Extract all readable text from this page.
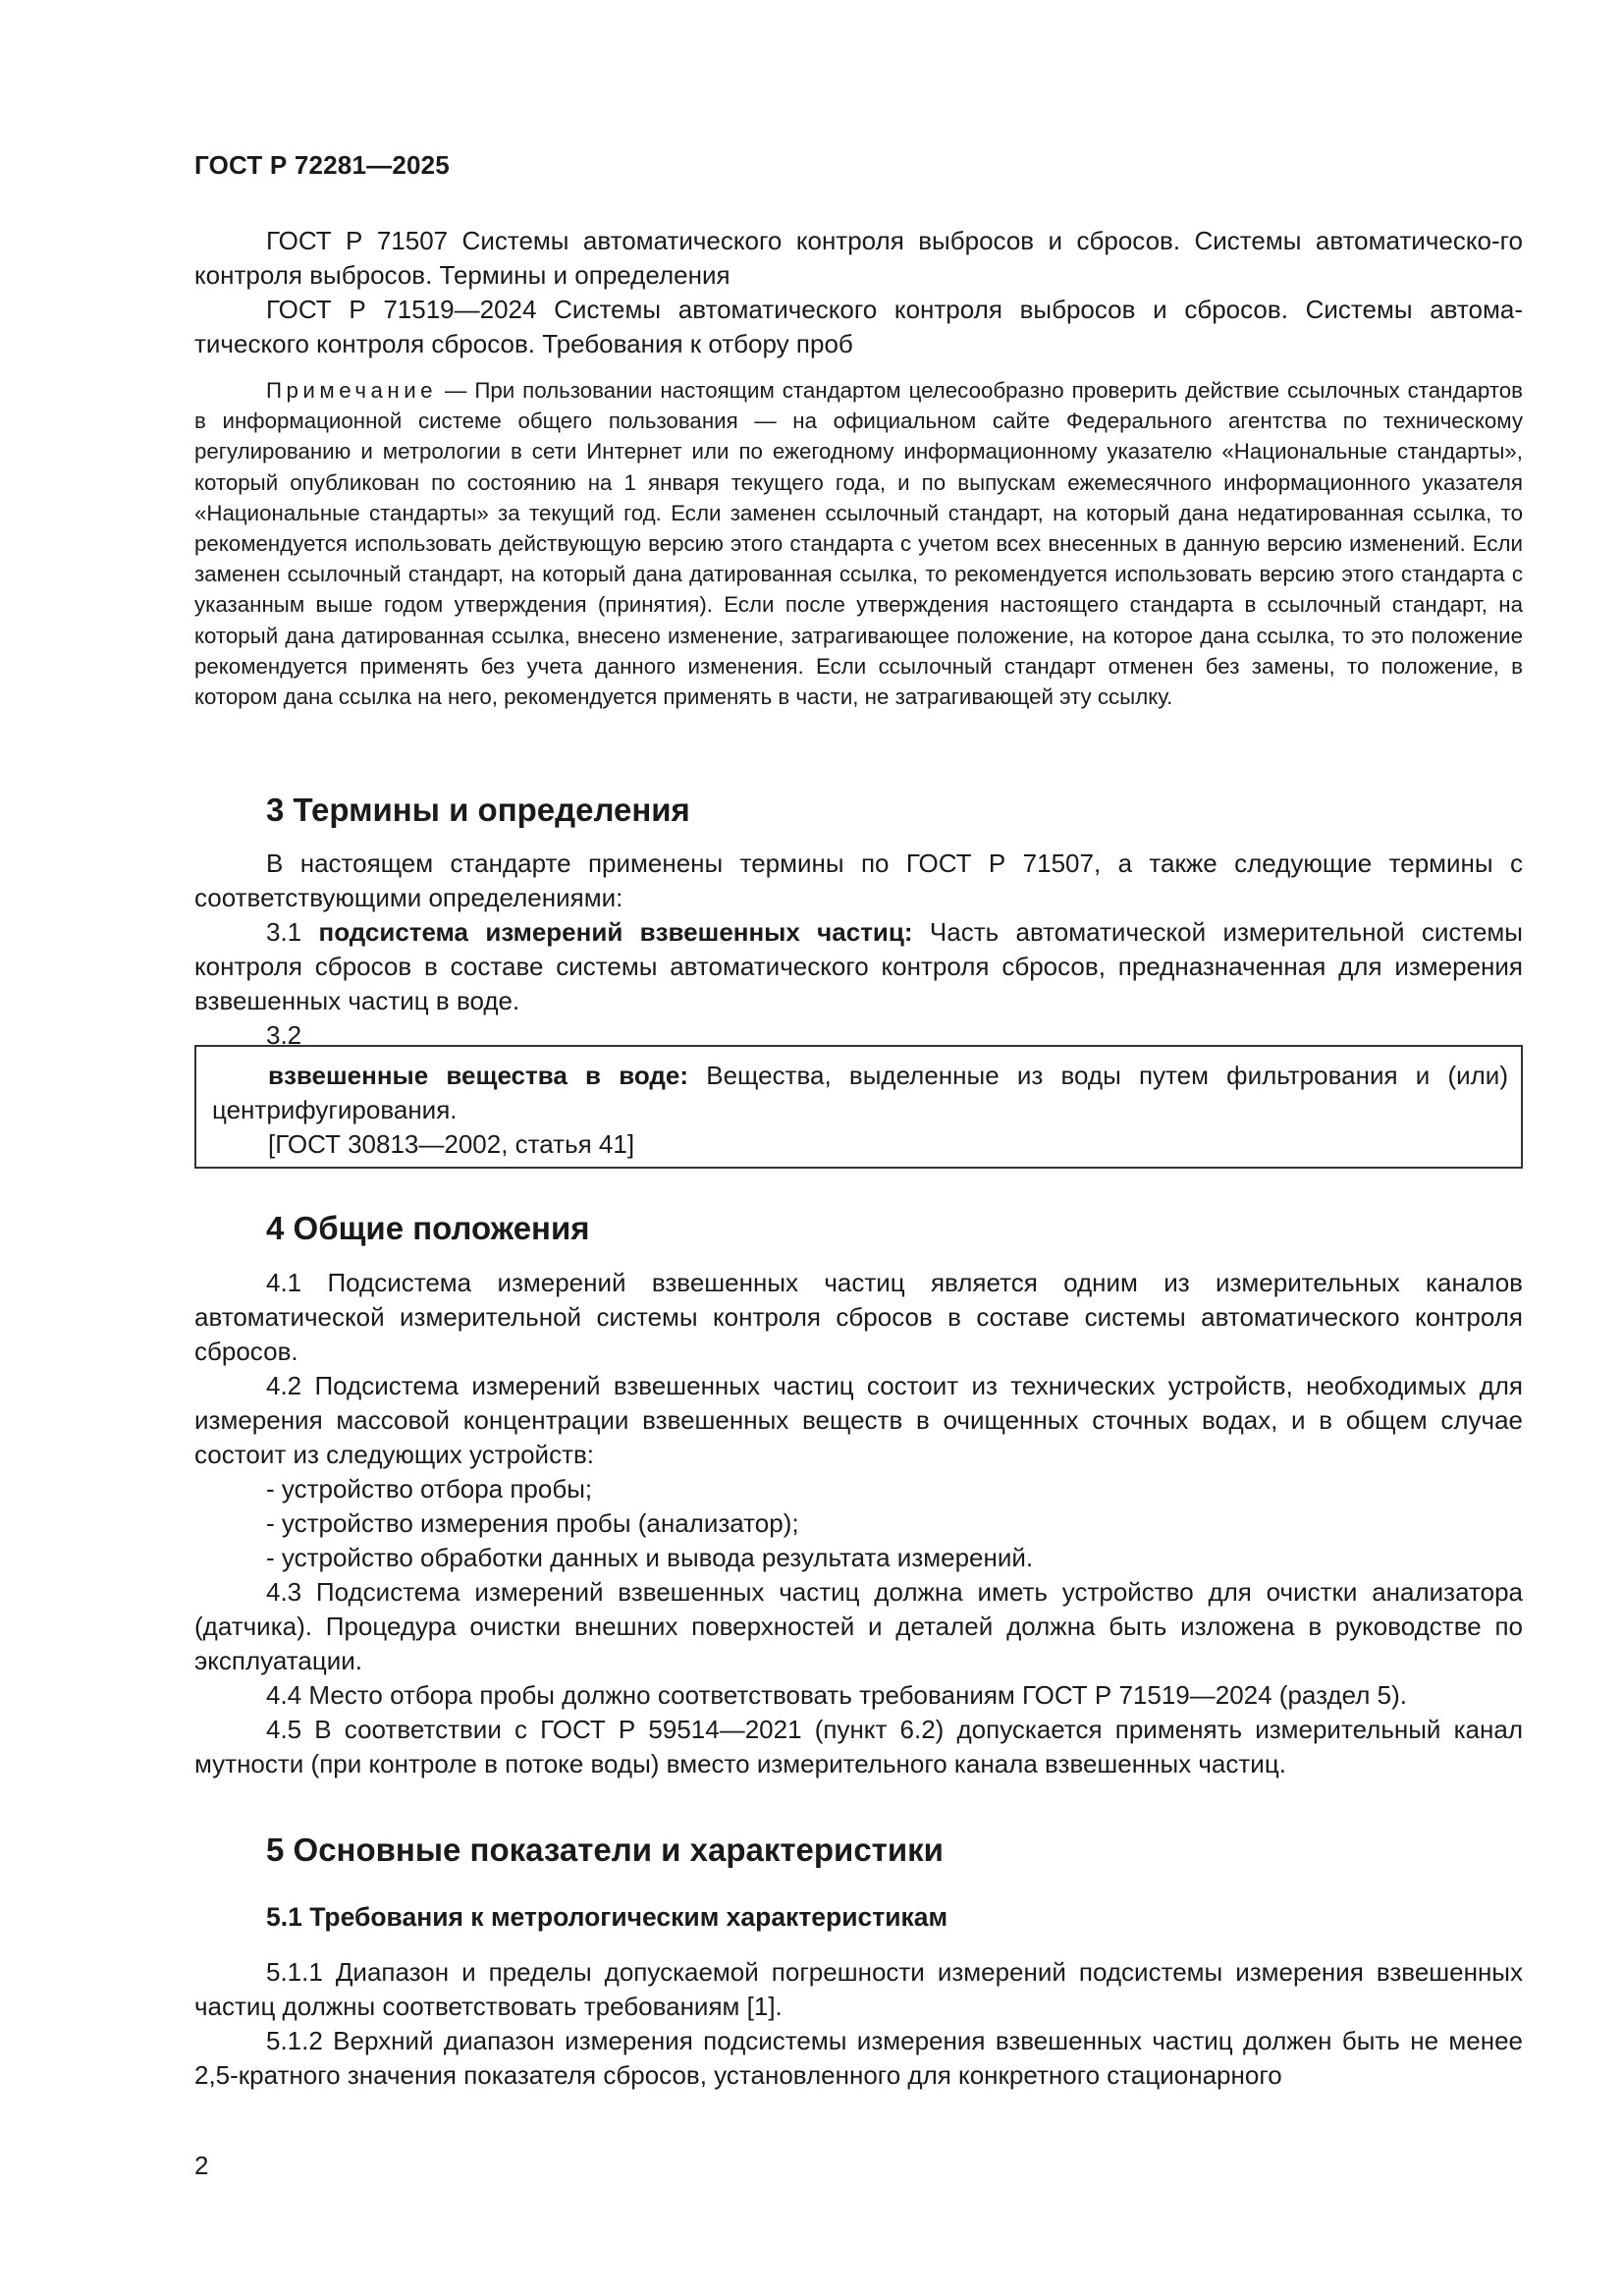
ГОСТ Р 72281—2025

ГОСТ Р 71507 Системы автоматического контроля выбросов и сбросов. Системы автоматическо-го контроля выбросов. Термины и определения

ГОСТ Р 71519—2024 Системы автоматического контроля выбросов и сбросов. Системы автома-тического контроля сбросов. Требования к отбору проб

Примечание — При пользовании настоящим стандартом целесообразно проверить действие ссылочных стандартов в информационной системе общего пользования — на официальном сайте Федерального агентства по техническому регулированию и метрологии в сети Интернет или по ежегодному информационному указателю «Национальные стандарты», который опубликован по состоянию на 1 января текущего года, и по выпускам ежемесячного информационного указателя «Национальные стандарты» за текущий год. Если заменен ссылочный стандарт, на который дана недатированная ссылка, то рекомендуется использовать действующую версию этого стандарта с учетом всех внесенных в данную версию изменений. Если заменен ссылочный стандарт, на который дана датированная ссылка, то рекомендуется использовать версию этого стандарта с указанным выше годом утверждения (принятия). Если после утверждения настоящего стандарта в ссылочный стандарт, на который дана датированная ссылка, внесено изменение, затрагивающее положение, на которое дана ссылка, то это положение рекомендуется применять без учета данного изменения. Если ссылочный стандарт отменен без замены, то положение, в котором дана ссылка на него, рекомендуется применять в части, не затрагивающей эту ссылку.

3 Термины и определения

В настоящем стандарте применены термины по ГОСТ Р 71507, а также следующие термины с соответствующими определениями:

3.1 подсистема измерений взвешенных частиц: Часть автоматической измерительной системы контроля сбросов в составе системы автоматического контроля сбросов, предназначенная для измерения взвешенных частиц в воде.

3.2

взвешенные вещества в воде: Вещества, выделенные из воды путем фильтрования и (или) центрифугирования.

[ГОСТ 30813—2002, статья 41]

4 Общие положения

4.1 Подсистема измерений взвешенных частиц является одним из измерительных каналов автоматической измерительной системы контроля сбросов в составе системы автоматического контроля сбросов.

4.2 Подсистема измерений взвешенных частиц состоит из технических устройств, необходимых для измерения массовой концентрации взвешенных веществ в очищенных сточных водах, и в общем случае состоит из следующих устройств:

- устройство отбора пробы;
- устройство измерения пробы (анализатор);
- устройство обработки данных и вывода результата измерений.

4.3 Подсистема измерений взвешенных частиц должна иметь устройство для очистки анализатора (датчика). Процедура очистки внешних поверхностей и деталей должна быть изложена в руководстве по эксплуатации.

4.4 Место отбора пробы должно соответствовать требованиям ГОСТ Р 71519—2024 (раздел 5).

4.5 В соответствии с ГОСТ Р 59514—2021 (пункт 6.2) допускается применять измерительный канал мутности (при контроле в потоке воды) вместо измерительного канала взвешенных частиц.

5 Основные показатели и характеристики
5.1 Требования к метрологическим характеристикам

5.1.1 Диапазон и пределы допускаемой погрешности измерений подсистемы измерения взвешенных частиц должны соответствовать требованиям [1].

5.1.2 Верхний диапазон измерения подсистемы измерения взвешенных частиц должен быть не менее 2,5-кратного значения показателя сбросов, установленного для конкретного стационарного

2
